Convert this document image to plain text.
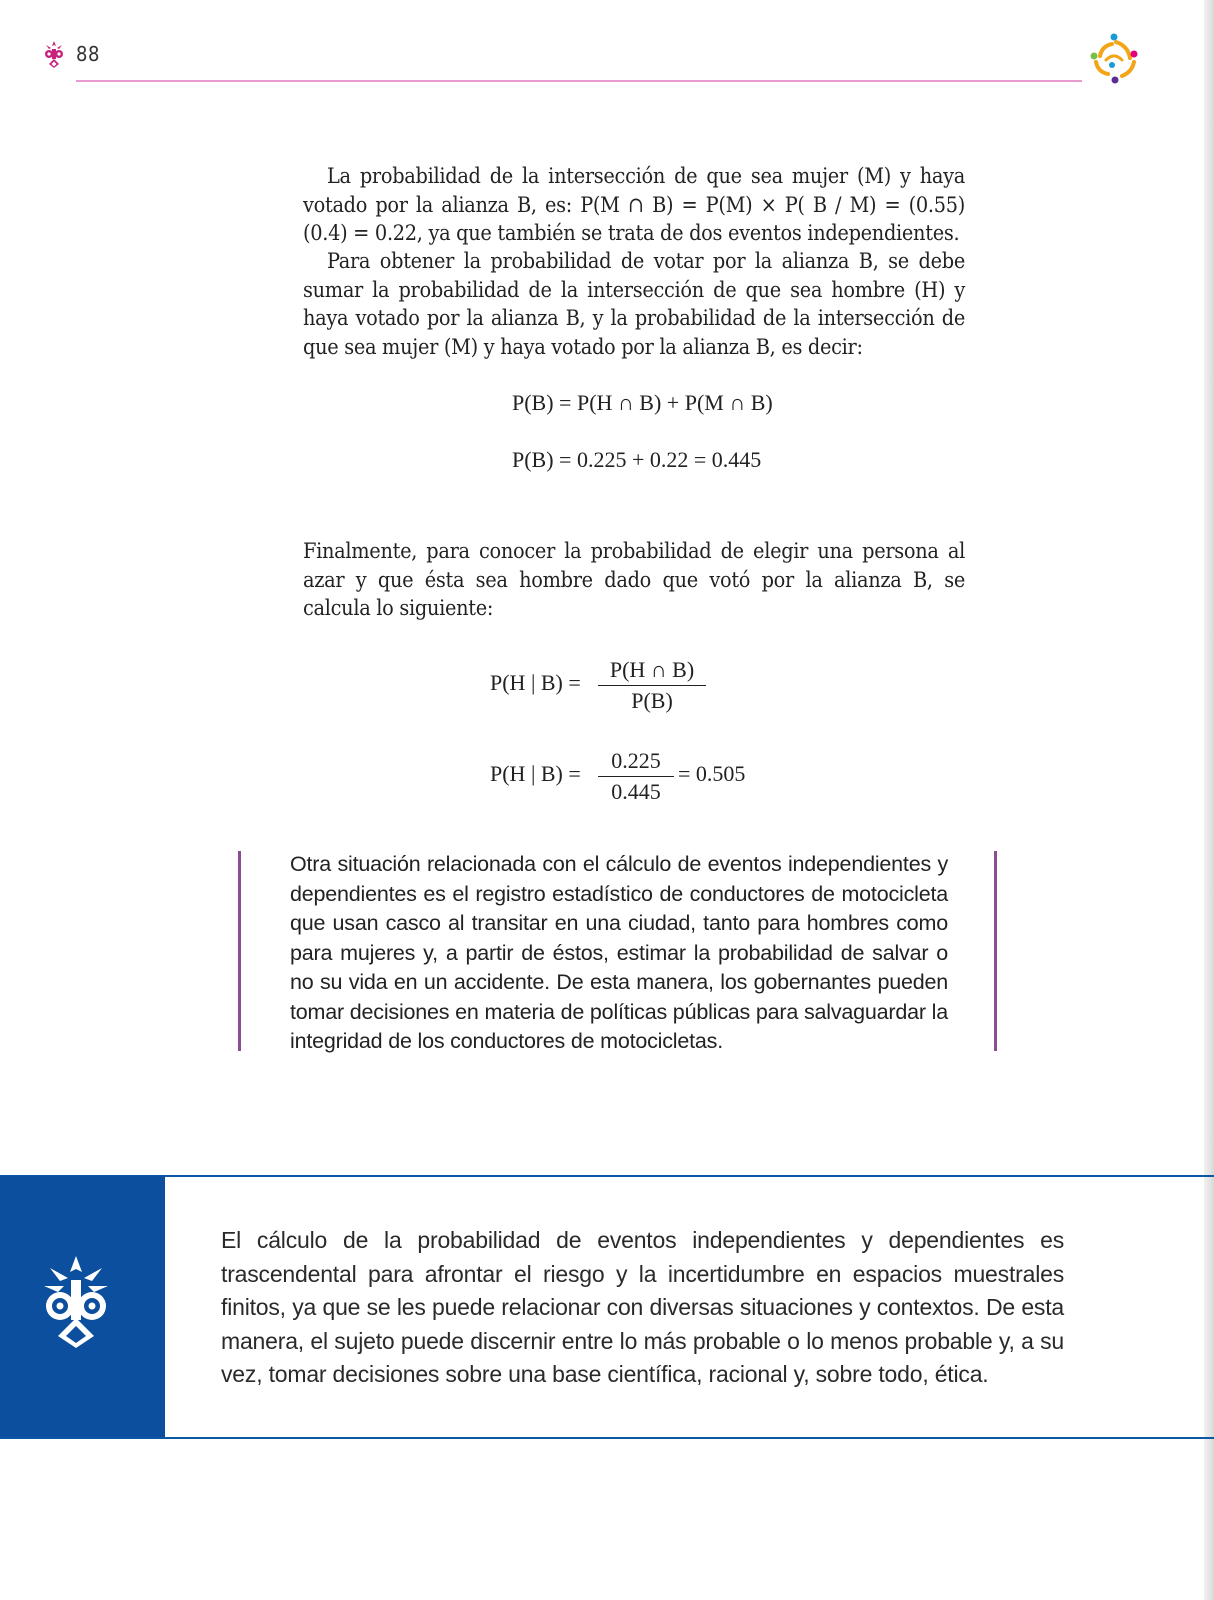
88

La probabilidad de la intersección de que sea mujer (M) y haya votado por la alianza B, es: P(M ∩ B) = P(M) × P( B / M) = (0.55)(0.4) = 0.22, ya que también se trata de dos eventos independientes.

Para obtener la probabilidad de votar por la alianza B, se debe sumar la probabilidad de la intersección de que sea hombre (H) y haya votado por la alianza B, y la probabilidad de la intersección de que sea mujer (M) y haya votado por la alianza B, es decir:

P(B) = P(H ∩ B) + P(M ∩ B)
P(B) = 0.225 + 0.22 = 0.445

Finalmente, para conocer la probabilidad de elegir una persona al azar y que ésta sea hombre dado que votó por la alianza B, se calcula lo siguiente:

P(H | B) =
P(H ∩ B)
P(B)
P(H | B) =
0.225
0.445
= 0.505

Otra situación relacionada con el cálculo de eventos independientes y dependientes es el registro estadístico de conductores de motocicleta que usan casco al transitar en una ciudad, tanto para hombres como para mujeres y, a partir de éstos, estimar la probabilidad de salvar o no su vida en un accidente. De esta manera, los gobernantes pueden tomar decisiones en materia de políticas públicas para salvaguardar la integridad de los conductores de motocicletas.

El cálculo de la probabilidad de eventos independientes y dependientes es trascendental para afrontar el riesgo y la incertidumbre en espacios muestrales finitos, ya que se les puede relacionar con diversas situaciones y contextos. De esta manera, el sujeto puede discernir entre lo más probable o lo menos probable y, a su vez, tomar decisiones sobre una base científica, racional y, sobre todo, ética.
